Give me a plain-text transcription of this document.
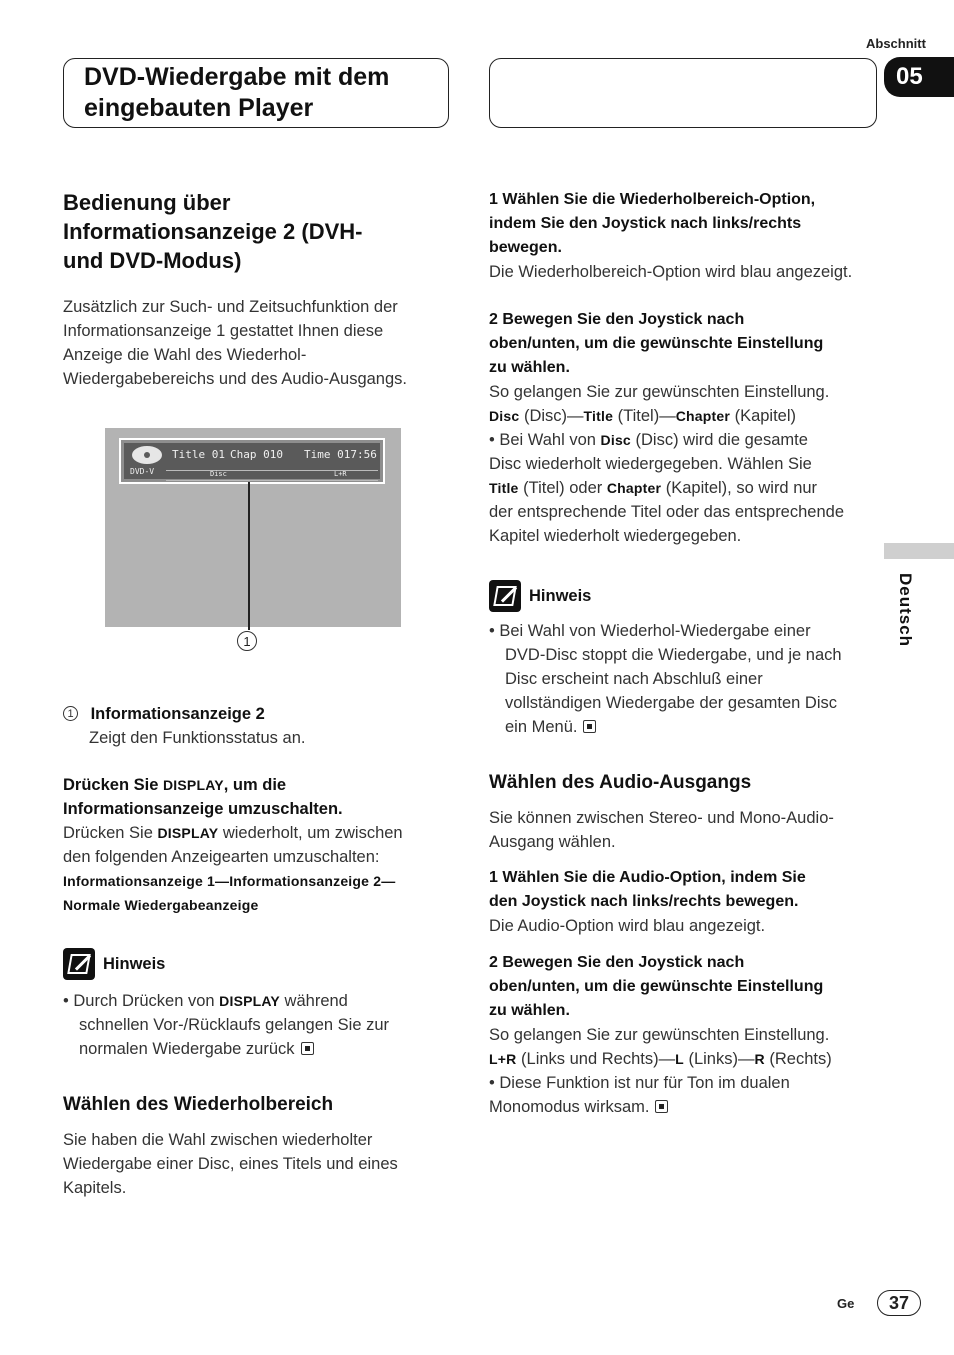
Abschnitt
05
DVD-Wiedergabe mit dem
eingebauten Player
Bedienung über
Informationsanzeige 2 (DVH-
und DVD-Modus)
Zusätzlich zur Such- und Zeitsuchfunktion der
Informationsanzeige 1 gestattet Ihnen diese
Anzeige die Wahl des Wiederhol-
Wiedergabebereichs und des Audio-Ausgangs.
Title 01 Chap 010 Time 017:56
DVD-V	Disc	L+R
1
1 Informationsanzeige 2
Zeigt den Funktionsstatus an.
Drücken Sie DISPLAY, um die
Informationsanzeige umzuschalten.
Drücken Sie DISPLAY wiederholt, um zwischen
den folgenden Anzeigearten umzuschalten:
Informationsanzeige 1—Informationsanzeige 2—
Normale Wiedergabeanzeige
Hinweis
• Durch Drücken von DISPLAY während
schnellen Vor-/Rücklaufs gelangen Sie zur
normalen Wiedergabe zurück
Wählen des Wiederholbereich
Sie haben die Wahl zwischen wiederholter
Wiedergabe einer Disc, eines Titels und eines
Kapitels.
1 Wählen Sie die Wiederholbereich-Option,
indem Sie den Joystick nach links/rechts
bewegen.
Die Wiederholbereich-Option wird blau angezeigt.
2 Bewegen Sie den Joystick nach
oben/unten, um die gewünschte Einstellung
zu wählen.
So gelangen Sie zur gewünschten Einstellung.
Disc (Disc)—Title (Titel)—Chapter (Kapitel)
• Bei Wahl von Disc (Disc) wird die gesamte
Disc wiederholt wiedergegeben. Wählen Sie
Title (Titel) oder Chapter (Kapitel), so wird nur
der entsprechende Titel oder das entsprechende
Kapitel wiederholt wiedergegeben.
Hinweis
• Bei Wahl von Wiederhol-Wiedergabe einer
DVD-Disc stoppt die Wiedergabe, und je nach
Disc erscheint nach Abschluß einer
vollständigen Wiedergabe der gesamten Disc
ein Menü.
Wählen des Audio-Ausgangs
Sie können zwischen Stereo- und Mono-Audio-
Ausgang wählen.
1 Wählen Sie die Audio-Option, indem Sie
den Joystick nach links/rechts bewegen.
Die Audio-Option wird blau angezeigt.
2 Bewegen Sie den Joystick nach
oben/unten, um die gewünschte Einstellung
zu wählen.
So gelangen Sie zur gewünschten Einstellung.
L+R (Links und Rechts)—L (Links)—R (Rechts)
• Diese Funktion ist nur für Ton im dualen
Monomodus wirksam.
Deutsch
Ge	37
